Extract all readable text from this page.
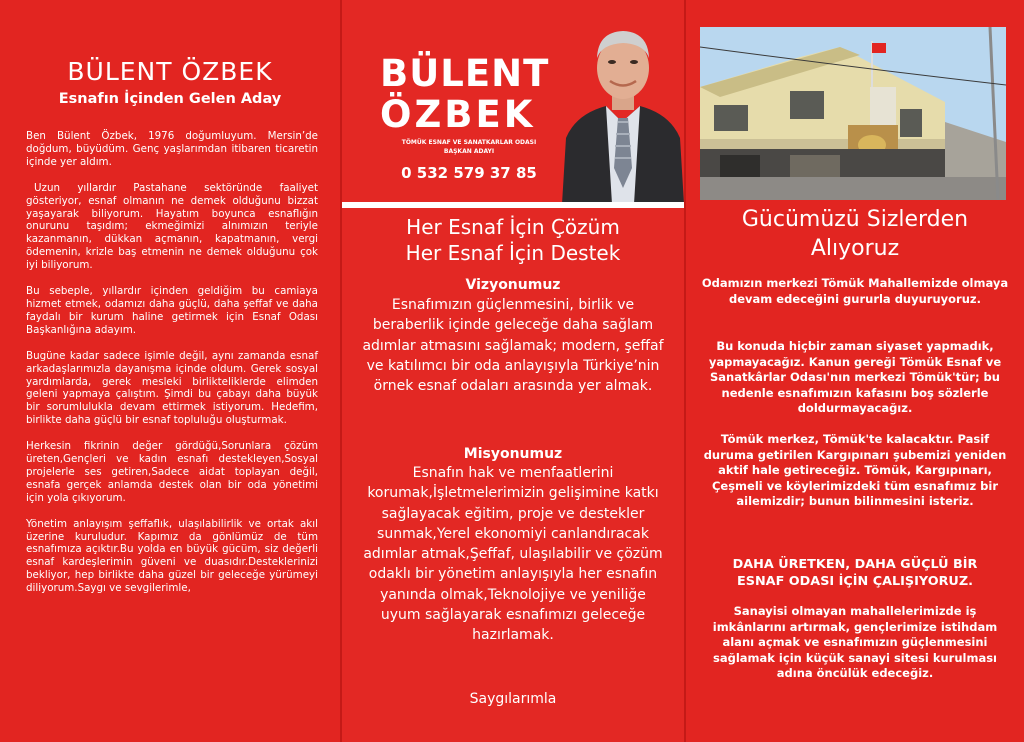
BÜLENT ÖZBEK
Esnafın İçinden Gelen Aday

Ben Bülent Özbek, 1976 doğumluyum. Mersin’de doğdum, büyüdüm. Genç yaşlarımdan itibaren ticaretin içinde yer aldım.

Uzun yıllardır Pastahane sektöründe faaliyet gösteriyor, esnaf olmanın ne demek olduğunu bizzat yaşayarak biliyorum. Hayatım boyunca esnaflığın onurunu taşıdım; ekmeğimizi alnımızın teriyle kazanmanın, dükkan açmanın, kapatmanın, vergi ödemenin, krizle baş etmenin ne demek olduğunu çok iyi biliyorum.

Bu sebeple, yıllardır içinden geldiğim bu camiaya hizmet etmek, odamızı daha güçlü, daha şeffaf ve daha faydalı bir kurum haline getirmek için Esnaf Odası Başkanlığına adayım.

Bugüne kadar sadece işimle değil, aynı zamanda esnaf arkadaşlarımızla dayanışma içinde oldum. Gerek sosyal yardımlarda, gerek mesleki birlikteliklerde elimden geleni yapmaya çalıştım. Şimdi bu çabayı daha büyük bir sorumlulukla devam ettirmek istiyorum. Hedefim, birlikte daha güçlü bir esnaf topluluğu oluşturmak.

Herkesin fikrinin değer gördüğü,Sorunlara çözüm üreten,Gençleri ve kadın esnafı destekleyen,Sosyal projelerle ses getiren,Sadece aidat toplayan değil, esnafa gerçek anlamda destek olan bir oda yönetimi için yola çıkıyorum.

Yönetim anlayışım şeffaflık, ulaşılabilirlik ve ortak akıl üzerine kuruludur. Kapımız da gönlümüz de tüm esnafımıza açıktır.Bu yolda en büyük gücüm, siz değerli esnaf kardeşlerimin güveni ve duasıdır.Desteklerinizi bekliyor, hep birlikte daha güzel bir geleceğe yürümeyi diliyorum.Saygı ve sevgilerimle,

BÜLENT
ÖZBEK
TÖMÜK ESNAF VE SANATKARLAR ODASI
BAŞKAN ADAYI
0 532 579 37 85
Her Esnaf İçin Çözüm
Her Esnaf İçin Destek
Vizyonumuz
Esnafımızın güçlenmesini, birlik ve beraberlik içinde geleceğe daha sağlam adımlar atmasını sağlamak; modern, şeffaf ve katılımcı bir oda anlayışıyla Türkiye’nin örnek esnaf odaları arasında yer almak.
Misyonumuz
Esnafın hak ve menfaatlerini korumak,İşletmelerimizin gelişimine katkı sağlayacak eğitim, proje ve destekler sunmak,Yerel ekonomiyi canlandıracak adımlar atmak,Şeffaf, ulaşılabilir ve çözüm odaklı bir yönetim anlayışıyla her esnafın yanında olmak,Teknolojiye ve yeniliğe uyum sağlayarak esnafımızı geleceğe hazırlamak.
Saygılarımla
Gücümüzü Sizlerden
Alıyoruz
Odamızın merkezi Tömük Mahallemizde olmaya devam edeceğini gururla duyuruyoruz.
Bu konuda hiçbir zaman siyaset yapmadık, yapmayacağız. Kanun gereği Tömük Esnaf ve Sanatkârlar Odası'nın merkezi Tömük'tür; bu nedenle esnafımızın kafasını boş sözlerle doldurmayacağız.
Tömük merkez, Tömük'te kalacaktır. Pasif duruma getirilen Kargıpınarı şubemizi yeniden aktif hale getireceğiz. Tömük, Kargıpınarı, Çeşmeli ve köylerimizdeki tüm esnafımız bir ailemizdir; bunun bilinmesini isteriz.
DAHA ÜRETKEN, DAHA GÜÇLÜ BİR
ESNAF ODASI İÇİN ÇALIŞIYORUZ.
Sanayisi olmayan mahallelerimizde iş imkânlarını artırmak, gençlerimize istihdam alanı açmak ve esnafımızın güçlenmesini sağlamak için küçük sanayi sitesi kurulması adına öncülük edeceğiz.
